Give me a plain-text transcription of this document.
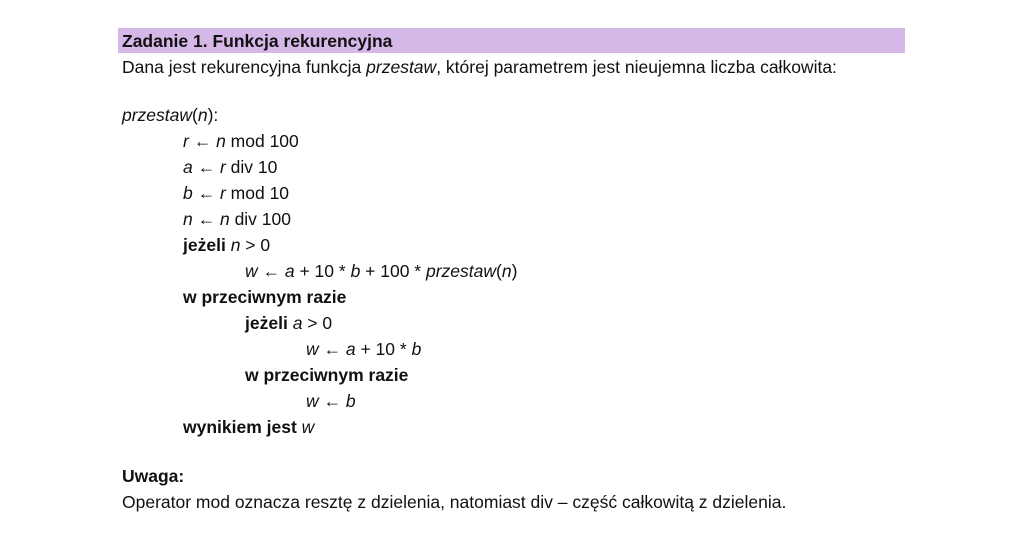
Zadanie 1. Funkcja rekurencyjna
Dana jest rekurencyjna funkcja przestaw, której parametrem jest nieujemna liczba całkowita:
przestaw(n):
r ← n mod 100
a ← r div 10
b ← r mod 10
n ← n div 100
jeżeli n > 0
w ← a + 10 * b + 100 * przestaw(n)
w przeciwnym razie
jeżeli a > 0
w ← a + 10 * b
w przeciwnym razie
w ← b
wynikiem jest w
Uwaga:
Operator mod oznacza resztę z dzielenia, natomiast div – część całkowitą z dzielenia.
